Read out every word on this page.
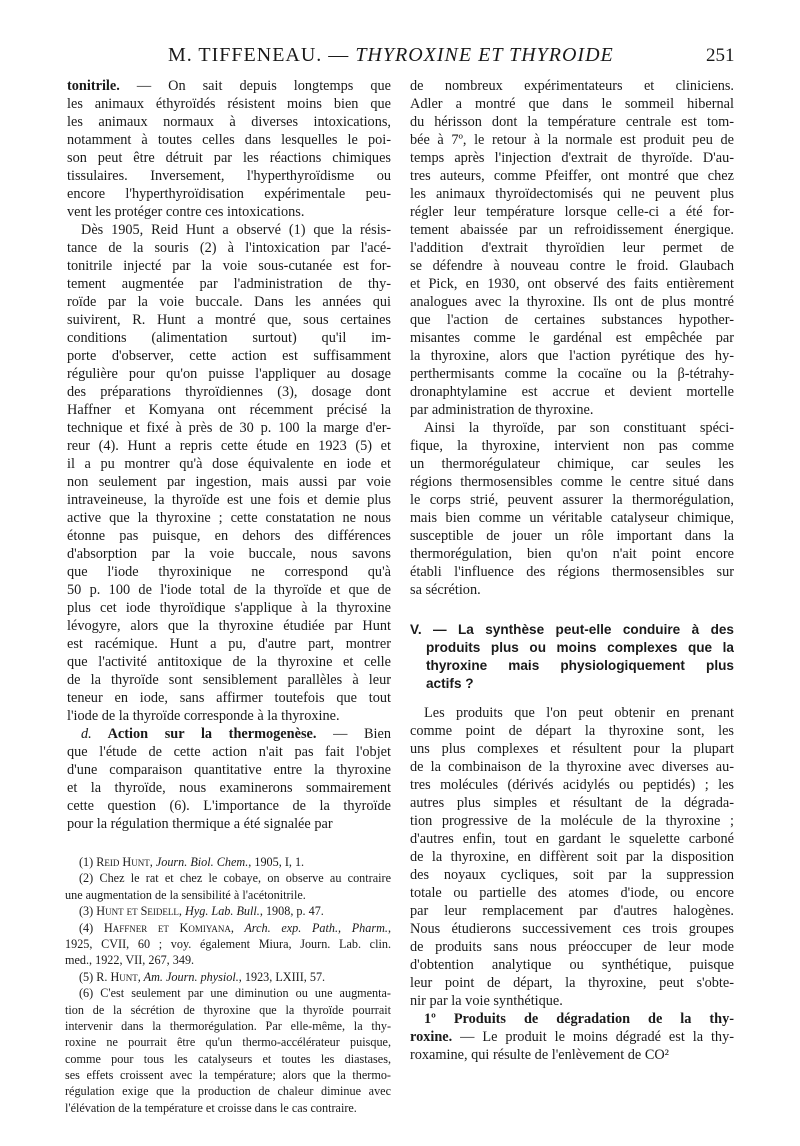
M. TIFFENEAU. — THYROXINE ET THYROIDE	251
tonitrile. — On sait depuis longtemps que
les animaux éthyroïdés résistent moins bien que
les animaux normaux à diverses intoxications,
notamment à toutes celles dans lesquelles le poi-
son peut être détruit par les réactions chimiques
tissulaires. Inversement, l'hyperthyroïdisme ou
encore l'hyperthyroïdisation expérimentale peu-
vent les protéger contre ces intoxications.
Dès 1905, Reid Hunt a observé (1) que la résis-
tance de la souris (2) à l'intoxication par l'acé-
tonitrile injecté par la voie sous-cutanée est for-
tement augmentée par l'administration de thy-
roïde par la voie buccale. Dans les années qui
suivirent, R. Hunt a montré que, sous certaines
conditions (alimentation surtout) qu'il im-
porte d'observer, cette action est suffisamment
régulière pour qu'on puisse l'appliquer au dosage
des préparations thyroïdiennes (3), dosage dont
Haffner et Komyana ont récemment précisé la
technique et fixé à près de 30 p. 100 la marge d'er-
reur (4). Hunt a repris cette étude en 1923 (5) et
il a pu montrer qu'à dose équivalente en iode et
non seulement par ingestion, mais aussi par voie
intraveineuse, la thyroïde est une fois et demie plus
active que la thyroxine ; cette constatation ne nous
étonne pas puisque, en dehors des différences
d'absorption par la voie buccale, nous savons
que l'iode thyroxinique ne correspond qu'à
50 p. 100 de l'iode total de la thyroïde et que de
plus cet iode thyroïdique s'applique à la thyroxine
lévogyre, alors que la thyroxine étudiée par Hunt
est racémique. Hunt a pu, d'autre part, montrer
que l'activité antitoxique de la thyroxine et celle
de la thyroïde sont sensiblement parallèles à leur
teneur en iode, sans affirmer toutefois que tout
l'iode de la thyroïde corresponde à la thyroxine.
d. Action sur la thermogenèse. — Bien
que l'étude de cette action n'ait pas fait l'objet
d'une comparaison quantitative entre la thyroxine
et la thyroïde, nous examinerons sommairement
cette question (6). L'importance de la thyroïde
pour la régulation thermique a été signalée par
de nombreux expérimentateurs et cliniciens.
Adler a montré que dans le sommeil hibernal
du hérisson dont la température centrale est tom-
bée à 7º, le retour à la normale est produit peu de
temps après l'injection d'extrait de thyroïde. D'au-
tres auteurs, comme Pfeiffer, ont montré que chez
les animaux thyroïdectomisés qui ne peuvent plus
régler leur température lorsque celle-ci a été for-
tement abaissée par un refroidissement énergique.
l'addition d'extrait thyroïdien leur permet de
se défendre à nouveau contre le froid. Glaubach
et Pick, en 1930, ont observé des faits entièrement
analogues avec la thyroxine. Ils ont de plus montré
que l'action de certaines substances hypother-
misantes comme le gardénal est empêchée par
la thyroxine, alors que l'action pyrétique des hy-
perthermisants comme la cocaïne ou la β-tétrahy-
dronaphtylamine est accrue et devient mortelle
par administration de thyroxine.
Ainsi la thyroïde, par son constituant spéci-
fique, la thyroxine, intervient non pas comme
un thermorégulateur chimique, car seules les
régions thermosensibles comme le centre situé dans
le corps strié, peuvent assurer la thermorégulation,
mais bien comme un véritable catalyseur chimique,
susceptible de jouer un rôle important dans la
thermorégulation, bien qu'on n'ait point encore
établi l'influence des régions thermosensibles sur
sa sécrétion.
V. — La synthèse peut-elle conduire à des
produits plus ou moins complexes que la
thyroxine mais physiologiquement plus
actifs ?
Les produits que l'on peut obtenir en prenant
comme point de départ la thyroxine sont, les
uns plus complexes et résultent pour la plupart
de la combinaison de la thyroxine avec diverses au-
tres molécules (dérivés acidylés ou peptidés) ; les
autres plus simples et résultant de la dégrada-
tion progressive de la molécule de la thyroxine ;
d'autres enfin, tout en gardant le squelette carboné
de la thyroxine, en diffèrent soit par la disposition
des noyaux cycliques, soit par la suppression
totale ou partielle des atomes d'iode, ou encore
par leur remplacement par d'autres halogènes.
Nous étudierons successivement ces trois groupes
de produits sans nous préoccuper de leur mode
d'obtention analytique ou synthétique, puisque
leur point de départ, la thyroxine, peut s'obte-
nir par la voie synthétique.
1º Produits de dégradation de la thy-
roxine. — Le produit le moins dégradé est la thy-
roxamine, qui résulte de l'enlèvement de CO²
(1) Reid Hunt, Journ. Biol. Chem., 1905, I, 1.
(2) Chez le rat et chez le cobaye, on observe au contraire
une augmentation de la sensibilité à l'acétonitrile.
(3) Hunt et Seidell, Hyg. Lab. Bull., 1908, p. 47.
(4) Haffner et Komiyana, Arch. exp. Path., Pharm.,
1925, CVII, 60 ; voy. également Miura, Journ. Lab. clin.
med., 1922, VII, 267, 349.
(5) R. Hunt, Am. Journ. physiol., 1923, LXIII, 57.
(6) C'est seulement par une diminution ou une augmenta-
tion de la sécrétion de thyroxine que la thyroïde pourrait
intervenir dans la thermorégulation. Par elle-même, la thy-
roxine ne pourrait être qu'un thermo-accélérateur puisque,
comme pour tous les catalyseurs et toutes les diastases,
ses effets croissent avec la température; alors que la thermo-
régulation exige que la production de chaleur diminue avec
l'élévation de la température et croisse dans le cas contraire.
